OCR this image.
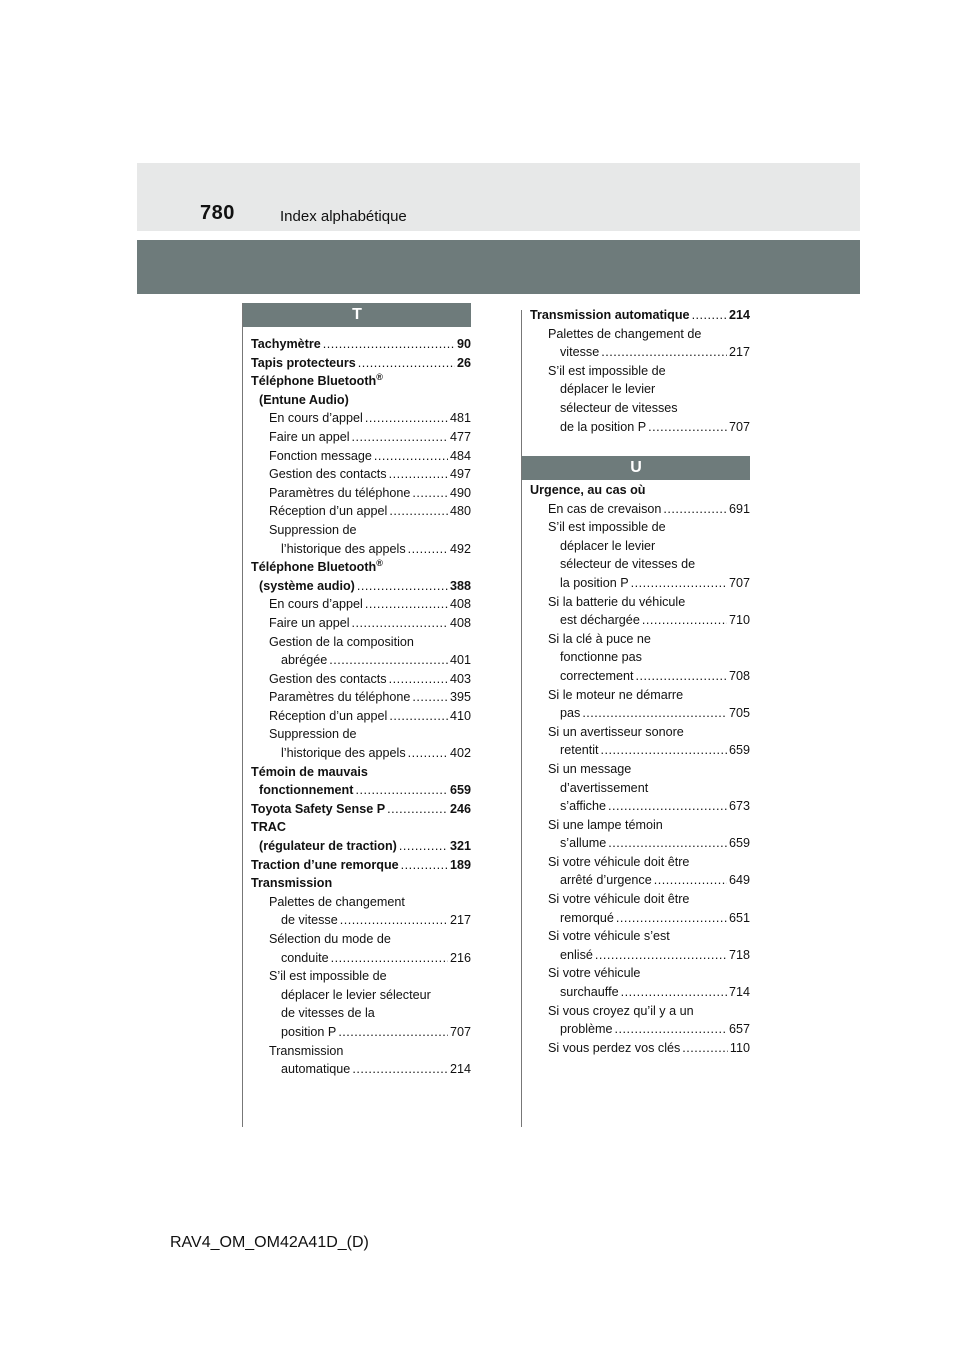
780	Index alphabétique
T
U
Tachymètre .....	90
Tapis protecteurs .....	26
Téléphone Bluetooth®
(Entune Audio)
En cours d’appel .....	481
Faire un appel .....	477
Fonction message .....	484
Gestion des contacts .....	497
Paramètres du téléphone .....	490
Réception d’un appel .....	480
Suppression de
l’historique des appels .....	492
Téléphone Bluetooth®
(système audio) .....	388
En cours d’appel .....	408
Faire un appel .....	408
Gestion de la composition
abrégée .....	401
Gestion des contacts .....	403
Paramètres du téléphone .....	395
Réception d’un appel .....	410
Suppression de
l’historique des appels .....	402
Témoin de mauvais
fonctionnement .....	659
Toyota Safety Sense P .....	246
TRAC
(régulateur de traction) .....	321
Traction d’une remorque .....	189
Transmission
Palettes de changement
de vitesse .....	217
Sélection du mode de
conduite .....	216
S’il est impossible de
déplacer le levier sélecteur
de vitesses de la
position P .....	707
Transmission
automatique .....	214
Transmission automatique .....	214
Palettes de changement de
vitesse .....	217
S’il est impossible de
déplacer le levier
sélecteur de vitesses
de la position P .....	707
Urgence, au cas où
En cas de crevaison .....	691
S’il est impossible de
déplacer le levier
sélecteur de vitesses de
la position P .....	707
Si la batterie du véhicule
est déchargée .....	710
Si la clé à puce ne
fonctionne pas
correctement .....	708
Si le moteur ne démarre
pas .....	705
Si un avertisseur sonore
retentit .....	659
Si un message
d’avertissement
s’affiche .....	673
Si une lampe témoin
s’allume .....	659
Si votre véhicule doit être
arrêté d’urgence .....	649
Si votre véhicule doit être
remorqué .....	651
Si votre véhicule s’est
enlisé .....	718
Si votre véhicule
surchauffe .....	714
Si vous croyez qu’il y a un
problème .....	657
Si vous perdez vos clés .....	110
RAV4_OM_OM42A41D_(D)
